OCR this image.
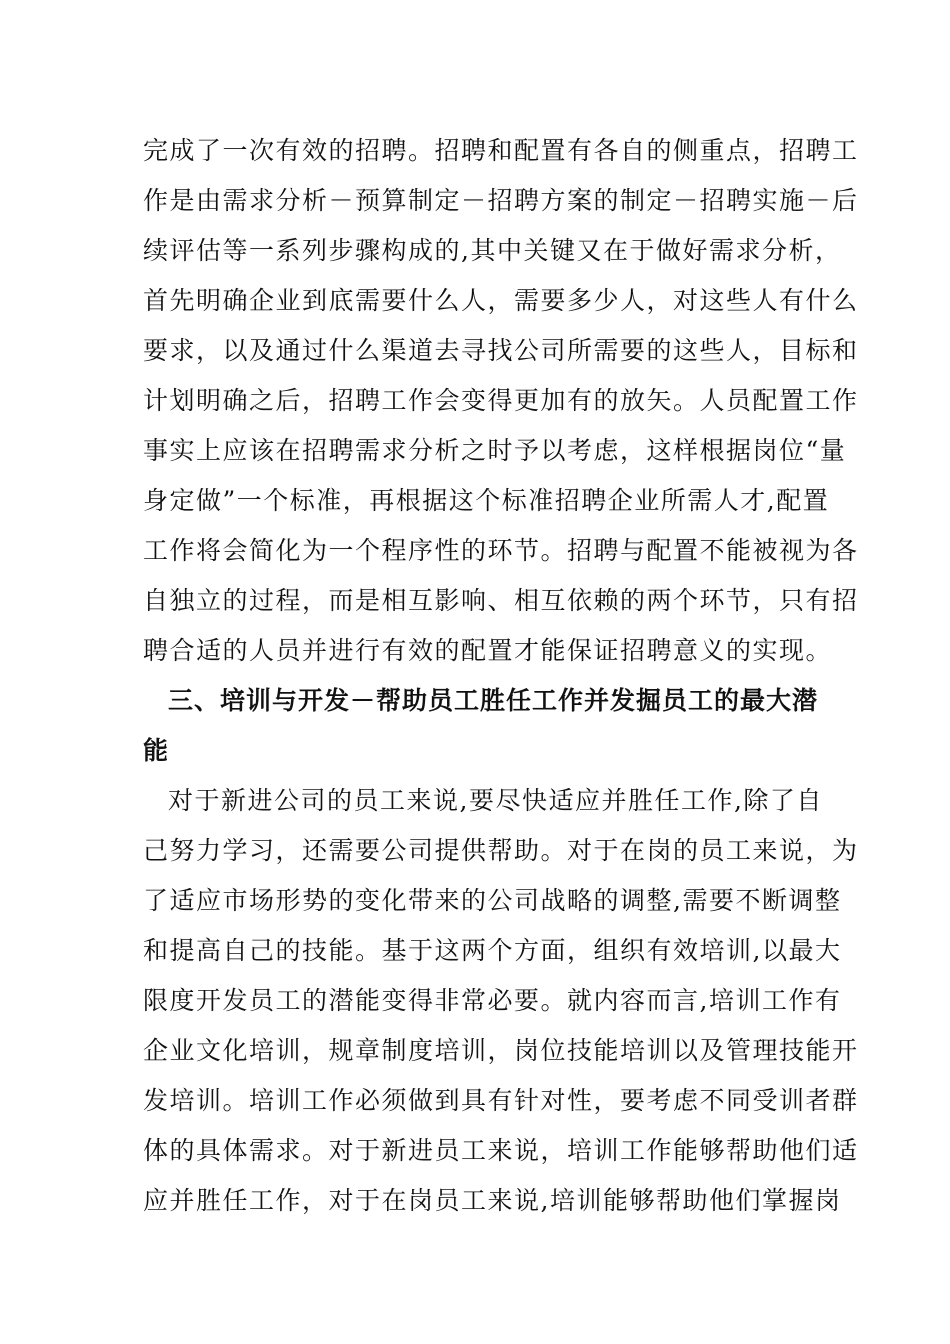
完成了一次有效的招聘。招聘和配置有各自的侧重点，招聘工
作是由需求分析－预算制定－招聘方案的制定－招聘实施－后
续评估等一系列步骤构成的,其中关键又在于做好需求分析，
首先明确企业到底需要什么人，需要多少人，对这些人有什么
要求，以及通过什么渠道去寻找公司所需要的这些人，目标和
计划明确之后，招聘工作会变得更加有的放矢。人员配置工作
事实上应该在招聘需求分析之时予以考虑，这样根据岗位“量
身定做”一个标准，再根据这个标准招聘企业所需人才,配置
工作将会简化为一个程序性的环节。招聘与配置不能被视为各
自独立的过程，而是相互影响、相互依赖的两个环节，只有招
聘合适的人员并进行有效的配置才能保证招聘意义的实现。
三、培训与开发－帮助员工胜任工作并发掘员工的最大潜
能
对于新进公司的员工来说,要尽快适应并胜任工作,除了自
己努力学习，还需要公司提供帮助。对于在岗的员工来说，为
了适应市场形势的变化带来的公司战略的调整,需要不断调整
和提高自己的技能。基于这两个方面，组织有效培训,以最大
限度开发员工的潜能变得非常必要。就内容而言,培训工作有
企业文化培训，规章制度培训，岗位技能培训以及管理技能开
发培训。培训工作必须做到具有针对性，要考虑不同受训者群
体的具体需求。对于新进员工来说，培训工作能够帮助他们适
应并胜任工作，对于在岗员工来说,培训能够帮助他们掌握岗
